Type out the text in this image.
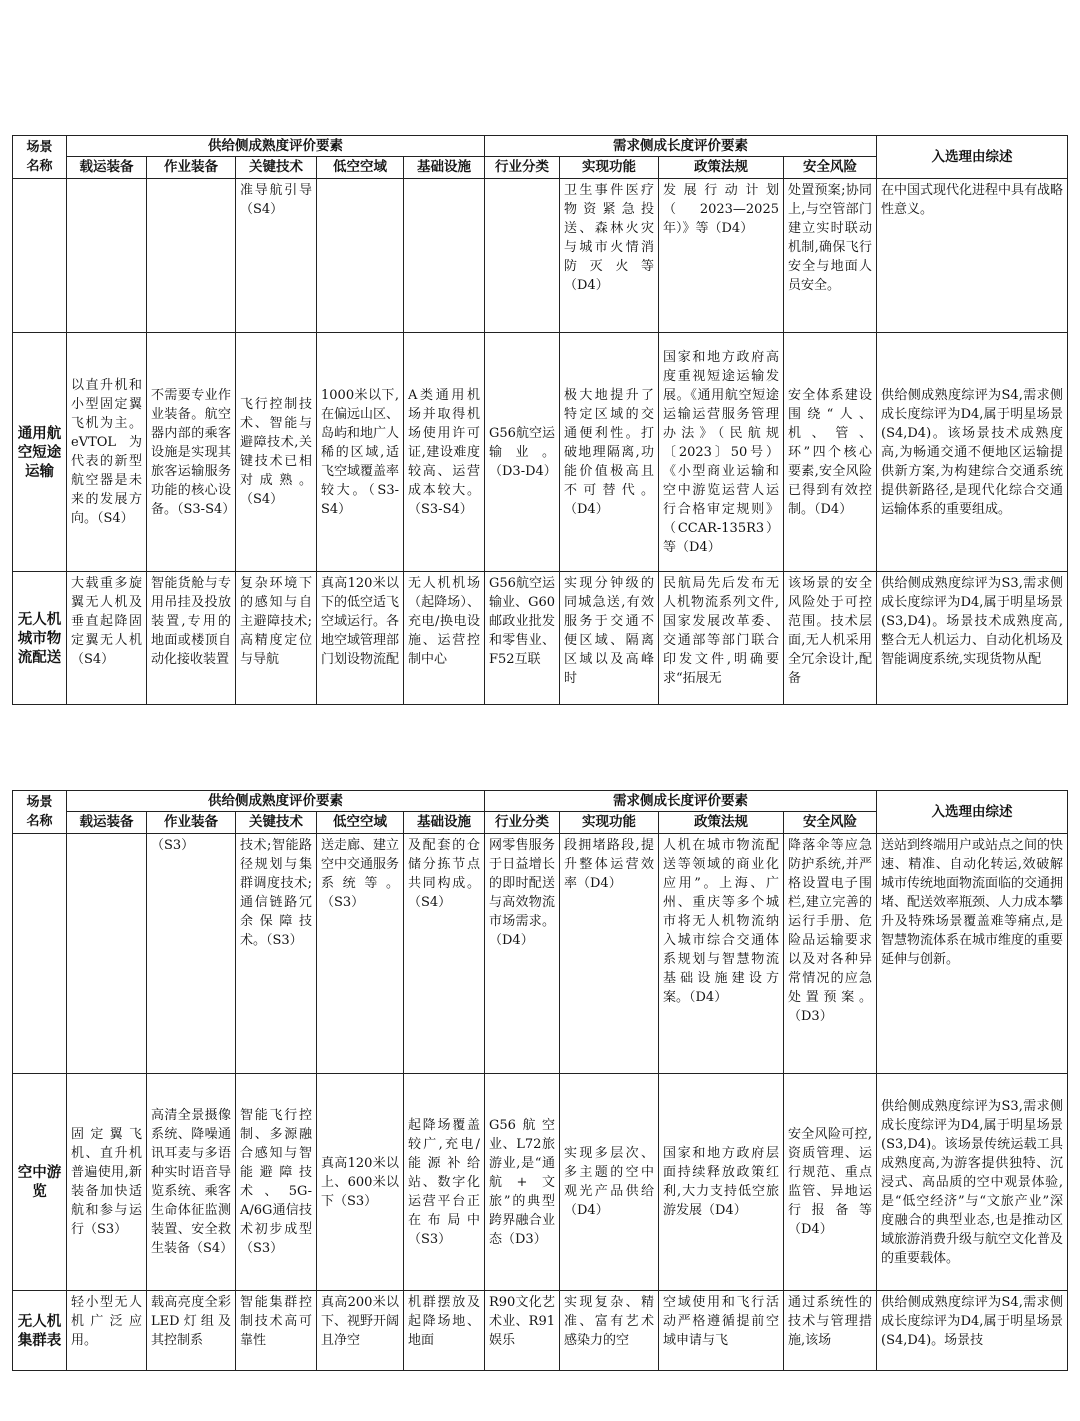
场景
名称	供给侧成熟度评价要素					需求侧成长度评价要素				入选理由综述
	载运装备	作业装备	关键技术	低空空域	基础设施	行业分类	实现功能	政策法规	安全风险	
			准导航引导（S4）				卫生事件医疗物资紧急投送、森林火灾与城市火情消防灭火等（D4）	发展行动计划（2023—2025年）》等（D4）	处置预案;协同上,与空管部门建立实时联动机制,确保飞行安全与地面人员安全。	在中国式现代化进程中具有战略性意义。
通用航空短途运输	以直升机和小型固定翼飞机为主。eVTOL为代表的新型航空器是未来的发展方向。（S4）	不需要专业作业装备。航空器内部的乘客设施是实现其旅客运输服务功能的核心设备。（S3-S4）	飞行控制技术、智能与避障技术,关键技术已相对成熟。（S4）	1000米以下,在偏远山区、岛屿和地广人稀的区域,适飞空域覆盖率较大。（S3-S4）	A类通用机场并取得机场使用许可证,建设难度较高、运营成本较大。（S3-S4）	G56航空运输业。（D3-D4）	极大地提升了特定区域的交通便利性。打破地理隔离,功能价值极高且不可替代。（D4）	国家和地方政府高度重视短途运输发展。《通用航空短途运输运营服务管理办法》（民航规〔2023〕50号）《小型商业运输和空中游览运营人运行合格审定规则》（CCAR-135R3）等（D4）	安全体系建设围绕“人、机、管、环”四个核心要素,安全风险已得到有效控制。（D4）	供给侧成熟度综评为S4,需求侧成长度综评为D4,属于明星场景(S4,D4)。该场景技术成熟度高,为畅通交通不便地区运输提供新方案,为构建综合交通系统提供新路径,是现代化综合交通运输体系的重要组成。
无人机城市物流配送	大载重多旋翼无人机及垂直起降固定翼无人机（S4）	智能货舱与专用吊挂及投放装置,专用的地面或楼顶自动化接收装置	复杂环境下的感知与自主避障技术;高精度定位与导航	真高120米以下的低空适飞空域运行。各地空域管理部门划设物流配	无人机机场（起降场）、充电/换电设施、运营控制中心	G56航空运输业、G60邮政业批发和零售业、F52互联	实现分钟级的同城急送,有效服务于交通不便区域、隔离区域以及高峰时	民航局先后发布无人机物流系列文件,国家发展改革委、交通部等部门联合印发文件,明确要求“拓展无	该场景的安全风险处于可控范围。技术层面,无人机采用全冗余设计,配备	供给侧成熟度综评为S3,需求侧成长度综评为D4,属于明星场景(S3,D4)。场景技术成熟度高,整合无人机运力、自动化机场及智能调度系统,实现货物从配
场景
名称	供给侧成熟度评价要素					需求侧成长度评价要素				入选理由综述
	载运装备	作业装备	关键技术	低空空域	基础设施	行业分类	实现功能	政策法规	安全风险	
		（S3）	技术;智能路径规划与集群调度技术;通信链路冗余保障技术。（S3）	送走廊、建立空中交通服务系统等。（S3）	及配套的仓储分拣节点共同构成。（S4）	网零售服务于日益增长的即时配送与高效物流市场需求。（D4）	段拥堵路段,提升整体运营效率（D4）	人机在城市物流配送等领域的商业化应用”。上海、广州、重庆等多个城市将无人机物流纳入城市综合交通体系规划与智慧物流基础设施建设方案。（D4）	降落伞等应急防护系统,并严格设置电子围栏,建立完善的运行手册、危险品运输要求以及对各种异常情况的应急处置预案。（D3）	送站到终端用户或站点之间的快速、精准、自动化转运,效破解城市传统地面物流面临的交通拥堵、配送效率瓶颈、人力成本攀升及特殊场景覆盖难等痛点,是智慧物流体系在城市维度的重要延伸与创新。
空中游览	固定翼飞机、直升机普遍使用,新装备加快适航和参与运行（S3）	高清全景摄像系统、降噪通讯耳麦与多语种实时语音导览系统、乘客生命体征监测装置、安全救生装备（S4）	智能飞行控制、多源融合感知与智能避障技术、5G-A/6G通信技术初步成型（S3）	真高120米以上、600米以下（S3）	起降场覆盖较广,充电/能源补给站、数字化运营平台正在布局中（S3）	G56航空业、L72旅游业,是“通航+文旅”的典型跨界融合业态（D3）	实现多层次、多主题的空中观光产品供给（D4）	国家和地方政府层面持续释放政策红利,大力支持低空旅游发展（D4）	安全风险可控,资质管理、运行规范、重点监管、异地运行报备等（D4）	供给侧成熟度综评为S3,需求侧成长度综评为D4,属于明星场景(S3,D4)。该场景传统运载工具成熟度高,为游客提供独特、沉浸式、高品质的空中观景体验,是“低空经济”与“文旅产业”深度融合的典型业态,也是推动区域旅游消费升级与航空文化普及的重要载体。
无人机集群表	轻小型无人机广泛应用。	载高亮度全彩LED灯组及其控制系	智能集群控制技术高可靠性	真高200米以下、视野开阔且净空	机群摆放及起降场地、地面	R90文化艺术业、R91娱乐	实现复杂、精准、富有艺术感染力的空	空域使用和飞行活动严格遵循提前空域申请与飞	通过系统性的技术与管理措施,该场	供给侧成熟度综评为S4,需求侧成长度综评为D4,属于明星场景(S4,D4)。场景技
